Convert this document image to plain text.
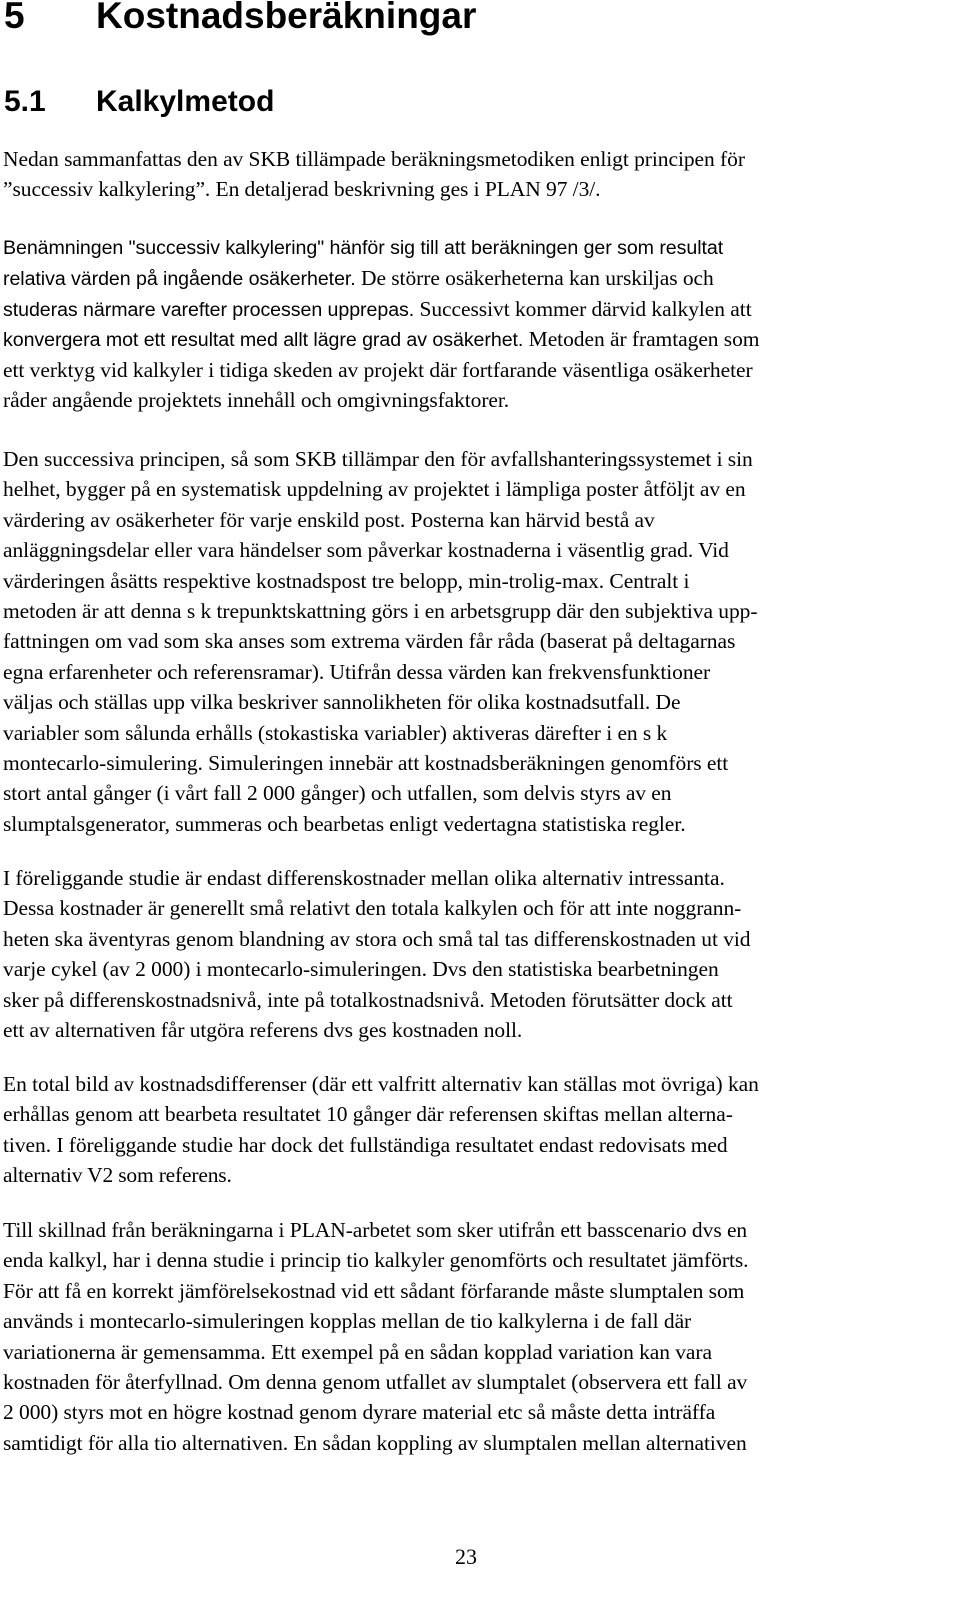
5 Kostnadsberäkningar
5.1 Kalkylmetod

Nedan sammanfattas den av SKB tillämpade beräkningsmetodiken enligt principen för
”successiv kalkylering”. En detaljerad beskrivning ges i PLAN 97 /3/.

Benämningen "successiv kalkylering" hänför sig till att beräkningen ger som resultat
relativa värden på ingående osäkerheter. De större osäkerheterna kan urskiljas och
studeras närmare varefter processen upprepas. Successivt kommer därvid kalkylen att
konvergera mot ett resultat med allt lägre grad av osäkerhet. Metoden är framtagen som
ett verktyg vid kalkyler i tidiga skeden av projekt där fortfarande väsentliga osäkerheter
råder angående projektets innehåll och omgivningsfaktorer.

Den successiva principen, så som SKB tillämpar den för avfallshanteringssystemet i sin
helhet, bygger på en systematisk uppdelning av projektet i lämpliga poster åtföljt av en
värdering av osäkerheter för varje enskild post. Posterna kan härvid bestå av
anläggningsdelar eller vara händelser som påverkar kostnaderna i väsentlig grad. Vid
värderingen åsätts respektive kostnadspost tre belopp, min-trolig-max. Centralt i
metoden är att denna s k trepunktskattning görs i en arbetsgrupp där den subjektiva upp-
fattningen om vad som ska anses som extrema värden får råda (baserat på deltagarnas
egna erfarenheter och referensramar). Utifrån dessa värden kan frekvensfunktioner
väljas och ställas upp vilka beskriver sannolikheten för olika kostnadsutfall. De
variabler som sålunda erhålls (stokastiska variabler) aktiveras därefter i en s k
montecarlo-simulering. Simuleringen innebär att kostnadsberäkningen genomförs ett
stort antal gånger (i vårt fall 2 000 gånger) och utfallen, som delvis styrs av en
slumptalsgenerator, summeras och bearbetas enligt vedertagna statistiska regler.

I föreliggande studie är endast differenskostnader mellan olika alternativ intressanta.
Dessa kostnader är generellt små relativt den totala kalkylen och för att inte noggrann-
heten ska äventyras genom blandning av stora och små tal tas differenskostnaden ut vid
varje cykel (av 2 000) i montecarlo-simuleringen. Dvs den statistiska bearbetningen
sker på differenskostnadsnivå, inte på totalkostnadsnivå. Metoden förutsätter dock att
ett av alternativen får utgöra referens dvs ges kostnaden noll.

En total bild av kostnadsdifferenser (där ett valfritt alternativ kan ställas mot övriga) kan
erhållas genom att bearbeta resultatet 10 gånger där referensen skiftas mellan alterna-
tiven. I föreliggande studie har dock det fullständiga resultatet endast redovisats med
alternativ V2 som referens.

Till skillnad från beräkningarna i PLAN-arbetet som sker utifrån ett basscenario dvs en
enda kalkyl, har i denna studie i princip tio kalkyler genomförts och resultatet jämförts.
För att få en korrekt jämförelsekostnad vid ett sådant förfarande måste slumptalen som
används i montecarlo-simuleringen kopplas mellan de tio kalkylerna i de fall där
variationerna är gemensamma. Ett exempel på en sådan kopplad variation kan vara
kostnaden för återfyllnad. Om denna genom utfallet av slumptalet (observera ett fall av
2 000) styrs mot en högre kostnad genom dyrare material etc så måste detta inträffa
samtidigt för alla tio alternativen. En sådan koppling av slumptalen mellan alternativen

23
